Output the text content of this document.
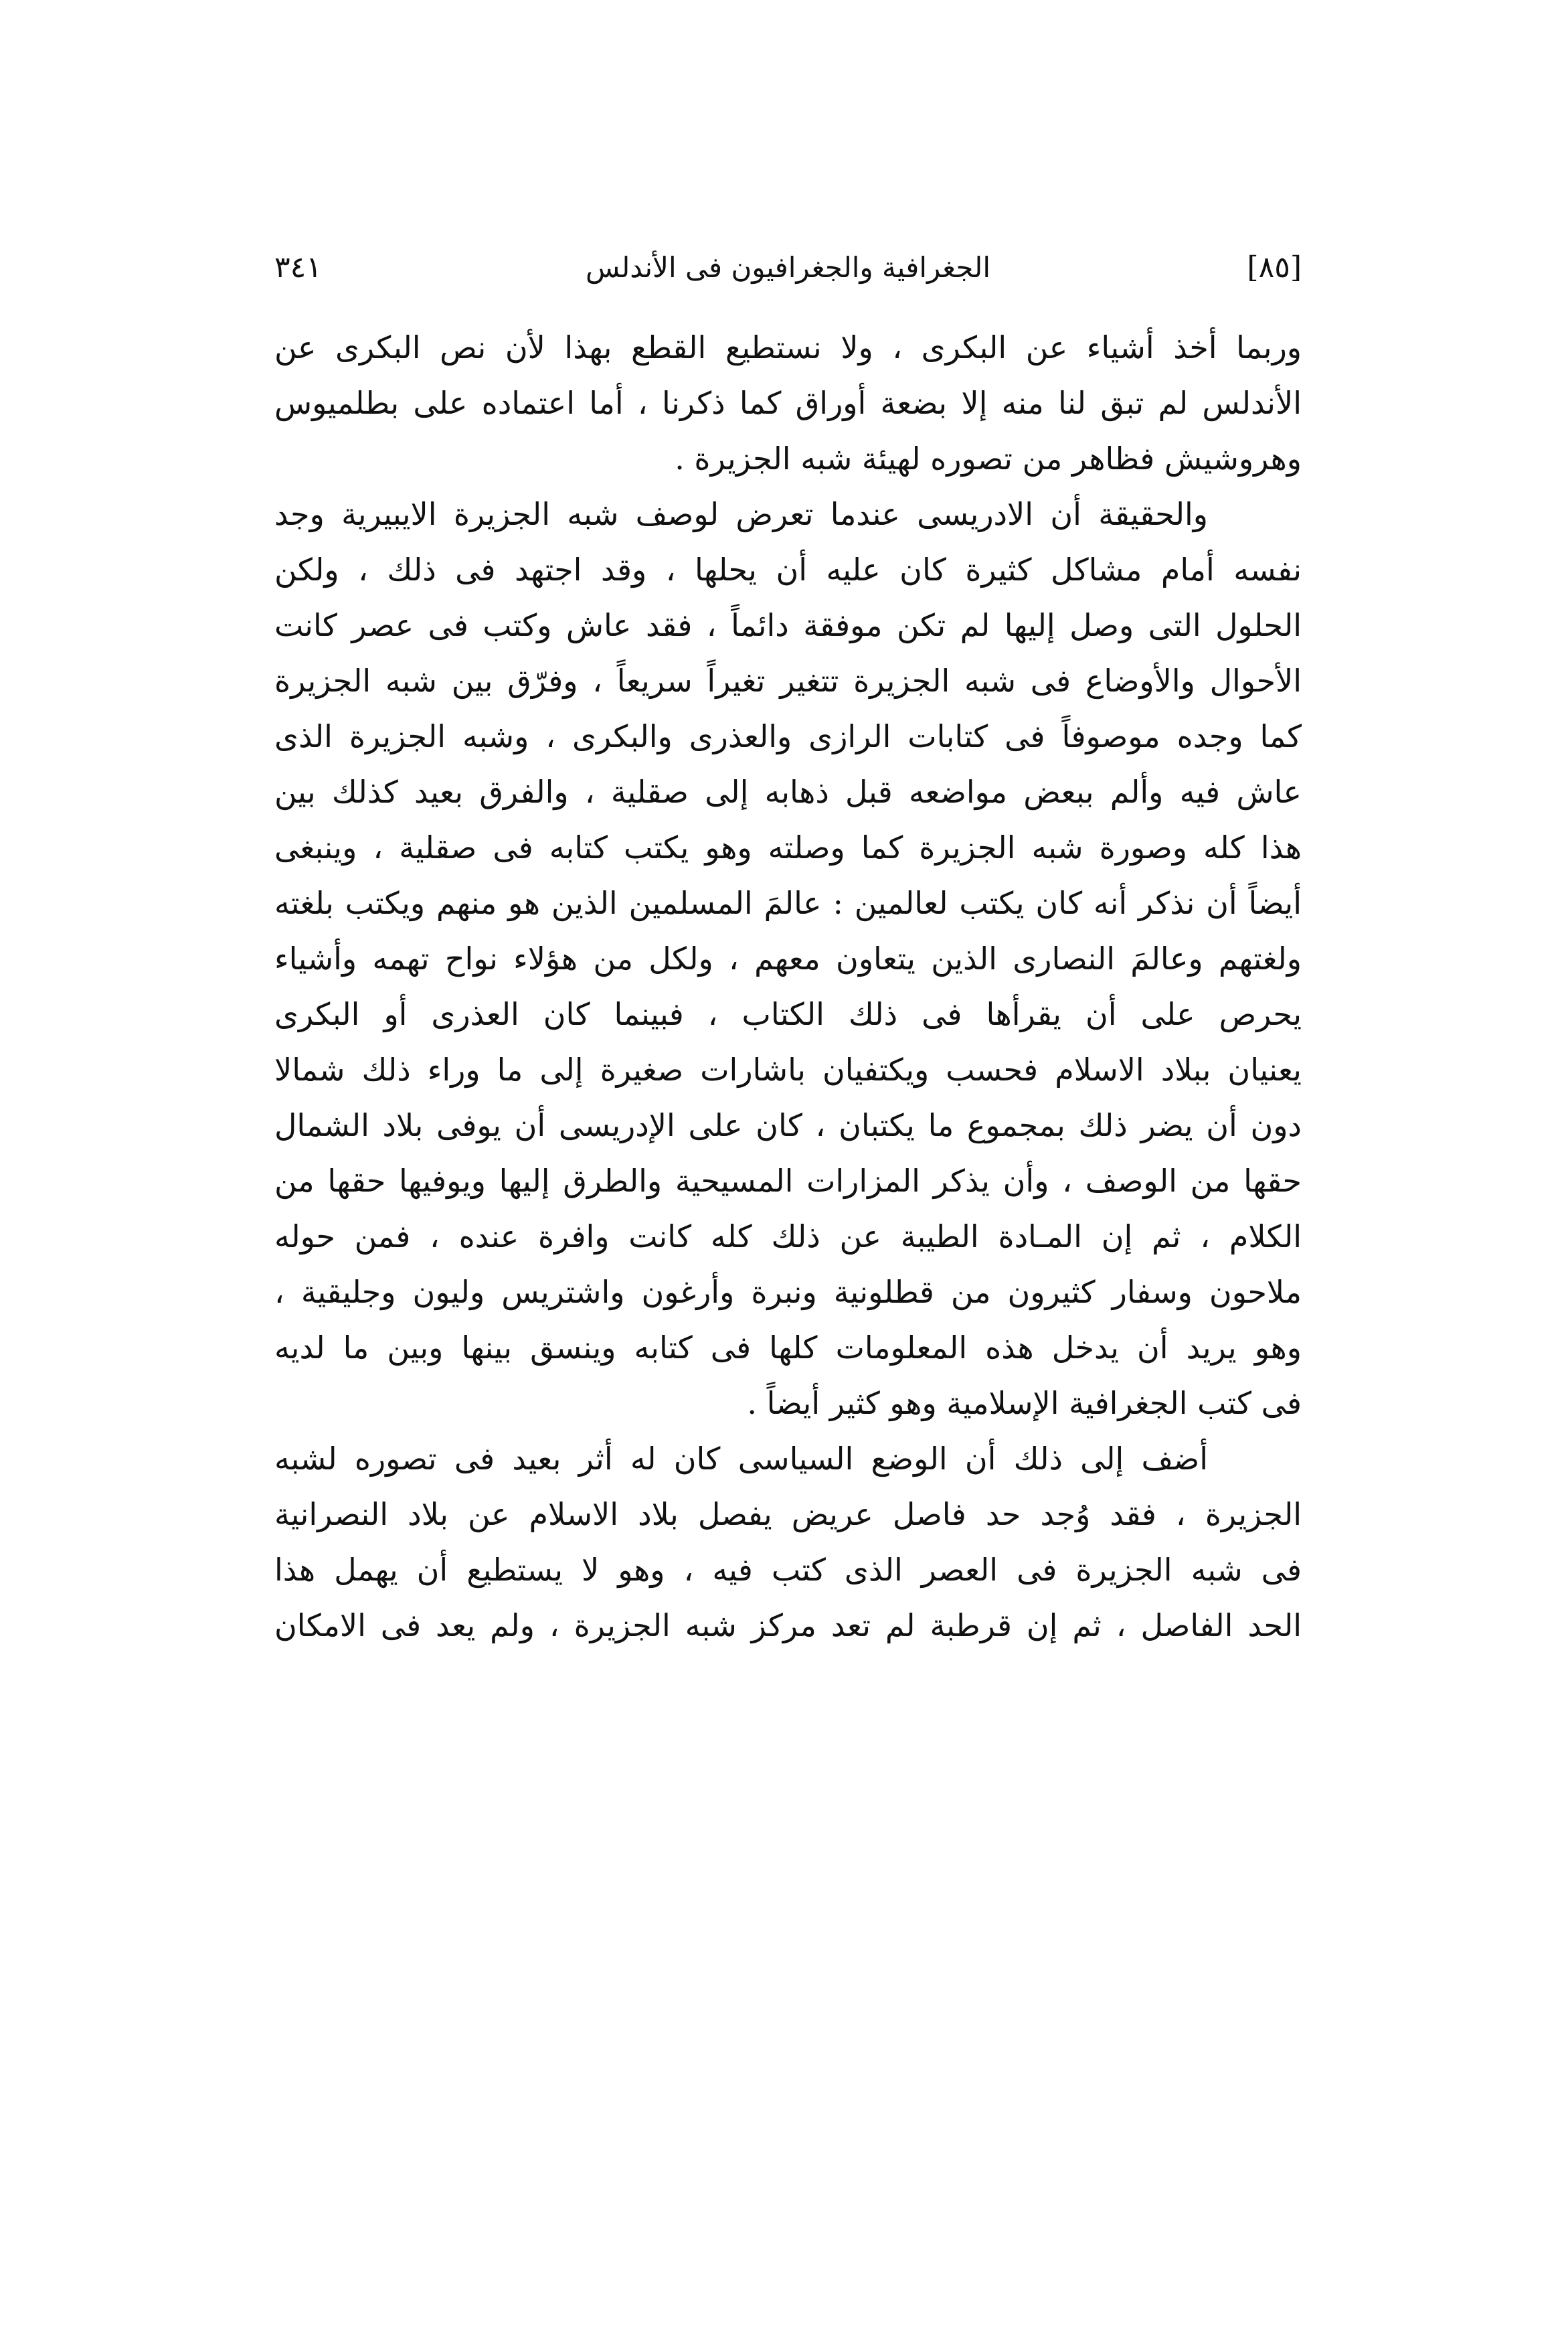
[٨٥]
الجغرافية والجغرافيون فى الأندلس
٣٤١
وربما أخذ أشياء عن البكرى ، ولا نستطيع القطع بهذا لأن نص البكرى عن
الأندلس لم تبق لنا منه إلا بضعة أوراق كما ذكرنا ، أما اعتماده على بطلميوس
وهروشيش فظاهر من تصوره لهيئة شبه الجزيرة .
والحقيقة أن الادريسى عندما تعرض لوصف شبه الجزيرة الايبيرية وجد
نفسه أمام مشاكل كثيرة كان عليه أن يحلها ، وقد اجتهد فى ذلك ، ولكن
الحلول التى وصل إليها لم تكن موفقة دائماً ، فقد عاش وكتب فى عصر كانت
الأحوال والأوضاع فى شبه الجزيرة تتغير تغيراً سريعاً ، وفرّق بين شبه الجزيرة
كما وجده موصوفاً فى كتابات الرازى والعذرى والبكرى ، وشبه الجزيرة الذى
عاش فيه وألم ببعض مواضعه قبل ذهابه إلى صقلية ، والفرق بعيد كذلك بين
هذا كله وصورة شبه الجزيرة كما وصلته وهو يكتب كتابه فى صقلية ، وينبغى
أيضاً أن نذكر أنه كان يكتب لعالمين : عالمَ المسلمين الذين هو منهم ويكتب بلغته
ولغتهم وعالمَ النصارى الذين يتعاون معهم ، ولكل من هؤلاء نواح تهمه وأشياء
يحرص على أن يقرأها فى ذلك الكتاب ، فبينما كان العذرى أو البكرى
يعنيان ببلاد الاسلام فحسب ويكتفيان باشارات صغيرة إلى ما وراء ذلك شمالا
دون أن يضر ذلك بمجموع ما يكتبان ، كان على الإدريسى أن يوفى بلاد الشمال
حقها من الوصف ، وأن يذكر المزارات المسيحية والطرق إليها ويوفيها حقها من
الكلام ، ثم إن المـادة الطيبة عن ذلك كله كانت وافرة عنده ، فمن حوله
ملاحون وسفار كثيرون من قطلونية ونبرة وأرغون واشتريس وليون وجليقية ،
وهو يريد أن يدخل هذه المعلومات كلها فى كتابه وينسق بينها وبين ما لديه
فى كتب الجغرافية الإسلامية وهو كثير أيضاً .
أضف إلى ذلك أن الوضع السياسى كان له أثر بعيد فى تصوره لشبه
الجزيرة ، فقد وُجد حد فاصل عريض يفصل بلاد الاسلام عن بلاد النصرانية
فى شبه الجزيرة فى العصر الذى كتب فيه ، وهو لا يستطيع أن يهمل هذا
الحد الفاصل ، ثم إن قرطبة لم تعد مركز شبه الجزيرة ، ولم يعد فى الامكان
